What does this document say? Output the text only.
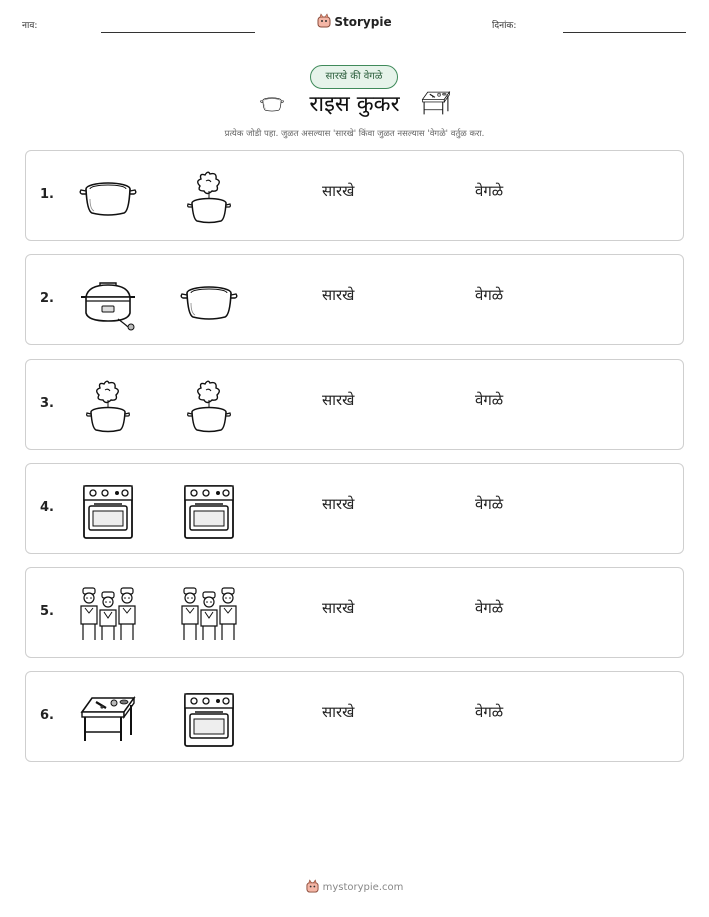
नाव:	Storypie	दिनांक:
सारखे की वेगळे
राइस कुकर
प्रत्येक जोडी पहा. जुळत असल्यास 'सारखे' किंवा जुळत नसल्यास 'वेगळे' वर्तुळ करा.
1.	सारखे	वेगळे
2.	सारखे	वेगळे
3.	सारखे	वेगळे
4.	सारखे	वेगळे
5.	सारखे	वेगळे
6.	सारखे	वेगळे
mystorypie.com
